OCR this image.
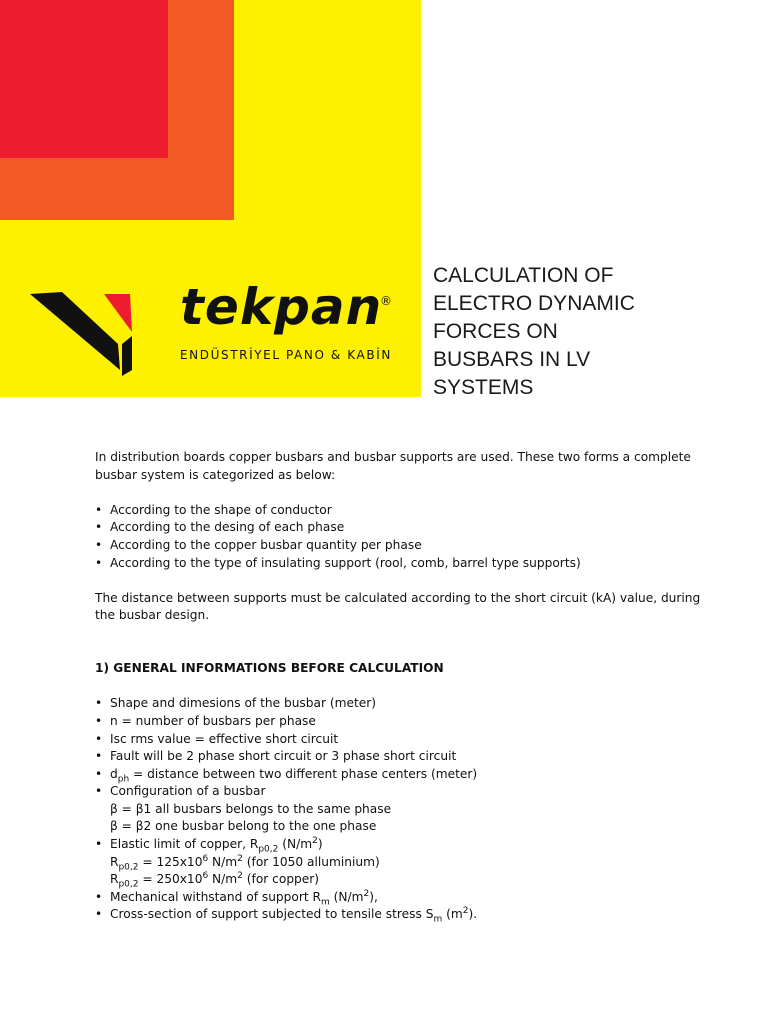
tekpan
®
ENDÜSTRİYEL PANO & KABİN
CALCULATION OF
ELECTRO DYNAMIC
FORCES ON
BUSBARS IN LV
SYSTEMS

In distribution boards copper busbars and busbar supports are used. These two forms a complete busbar system is categorized as below:

• According to the shape of conductor
• According to the desing of each phase
• According to the copper busbar quantity per phase
• According to the type of insulating support (rool, comb, barrel type supports)

The distance between supports must be calculated according to the short circuit (kA) value, during the busbar design.

1) GENERAL INFORMATIONS BEFORE CALCULATION

• Shape and dimesions of the busbar (meter)
• n = number of busbars per phase
• Isc rms value = effective short circuit
• Fault will be 2 phase short circuit or 3 phase short circuit
• $d_{ph}$ = distance between two different phase centers (meter)
• Configuration of a busbar
β = β1 all busbars belongs to the same phase
β = β2 one busbar belong to the one phase
• Elastic limit of copper, $R_{p0,2}$ $(N/m^2)$
$R_{p0,2} = 125x10^6$ $N/m^2$ (for 1050 alluminium)
$R_{p0,2} = 250x10^6$ $N/m^2$ (for copper)
• Mechanical withstand of support $R_m$ $(N/m^2)$,
• Cross-section of support subjected to tensile stress $S_m$ $(m^2)$.
